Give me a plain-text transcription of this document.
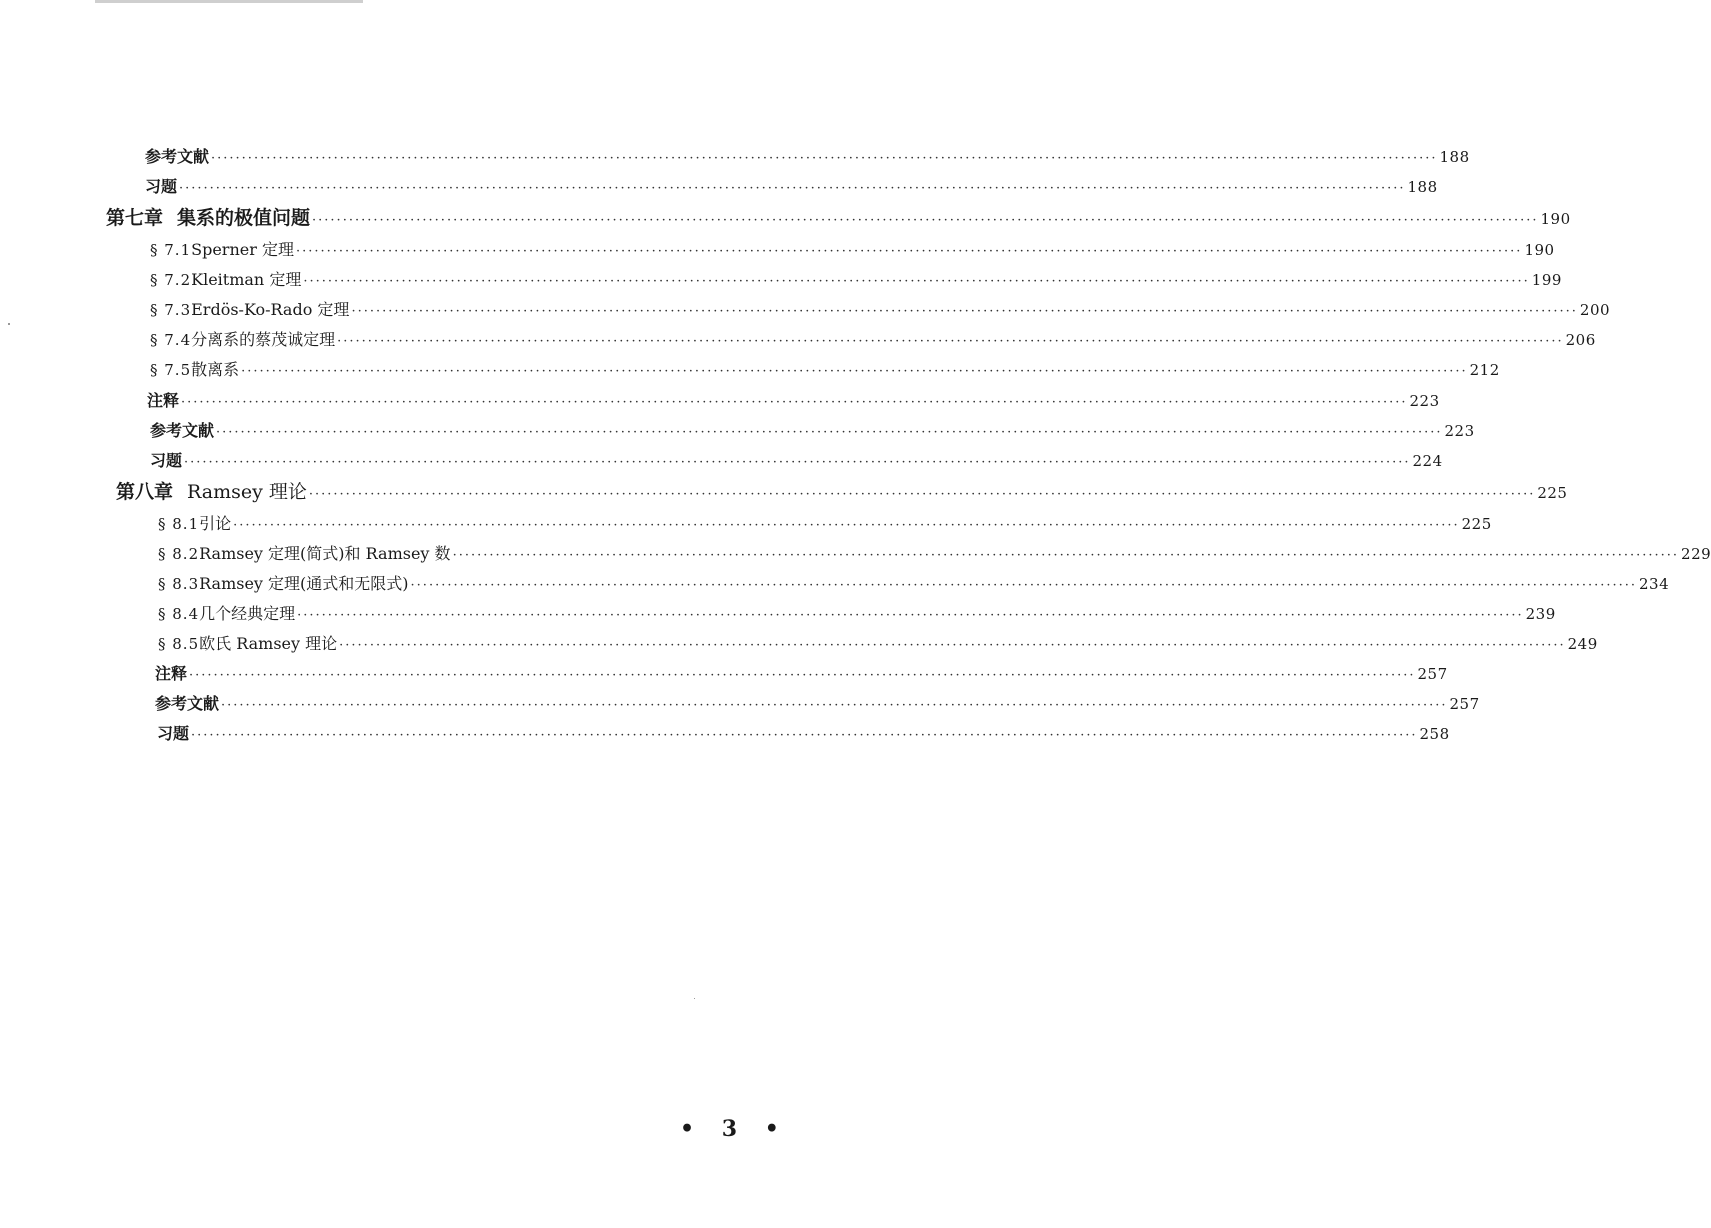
参考文献 ········································································································································································································ 188
习题 ········································································································································································································ 188
第七章 集系的极值问题 ········································································································································································································ 190
§ 7.1 Sperner 定理 ········································································································································································································ 190
§ 7.2 Kleitman 定理 ········································································································································································································ 199
§ 7.3 Erdös-Ko-Rado 定理 ········································································································································································································ 200
§ 7.4 分离系的蔡茂诚定理 ········································································································································································································ 206
§ 7.5 散离系 ········································································································································································································ 212
注释 ········································································································································································································ 223
参考文献 ········································································································································································································ 223
习题 ········································································································································································································ 224
第八章 Ramsey 理论 ········································································································································································································ 225
§ 8.1 引论 ········································································································································································································ 225
§ 8.2 Ramsey 定理(简式)和 Ramsey 数 ········································································································································································································ 229
§ 8.3 Ramsey 定理(通式和无限式) ········································································································································································································ 234
§ 8.4 几个经典定理 ········································································································································································································ 239
§ 8.5 欧氏 Ramsey 理论 ········································································································································································································ 249
注释 ········································································································································································································ 257
参考文献 ········································································································································································································ 257
习题 ········································································································································································································ 258
• 3 •
